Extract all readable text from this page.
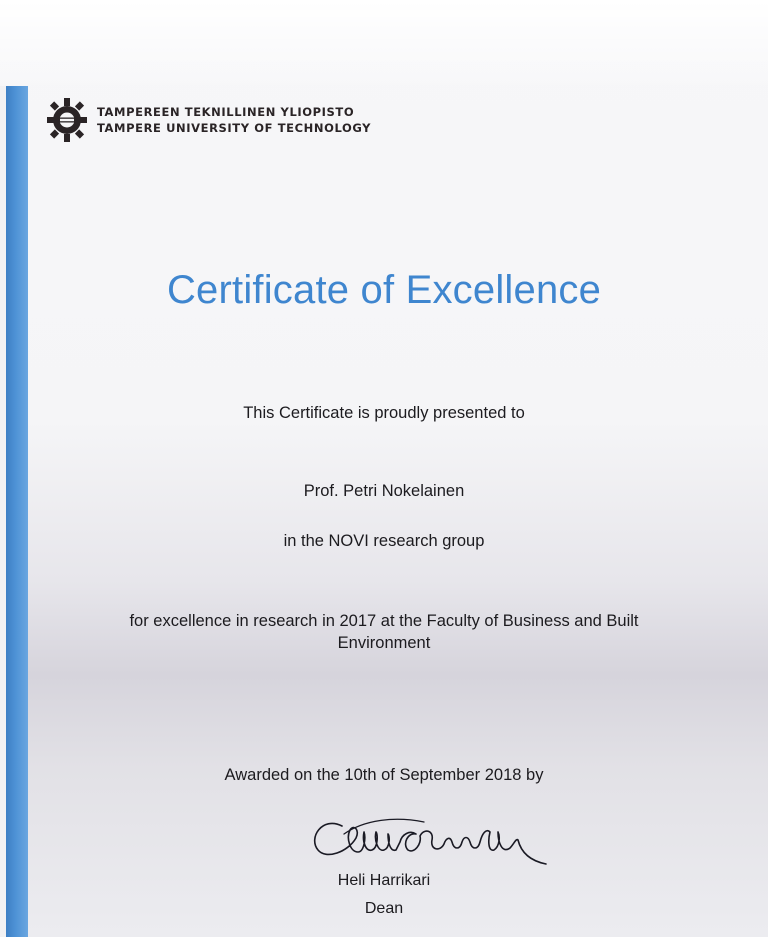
TAMPEREEN TEKNILLINEN YLIOPISTO
TAMPERE UNIVERSITY OF TECHNOLOGY
Certificate of Excellence
This Certificate is proudly presented to
Prof. Petri Nokelainen
in the NOVI research group
for excellence in research in 2017 at the Faculty of Business and Built
Environment
Awarded on the 10th of September 2018 by
Heli Harrikari
Dean
